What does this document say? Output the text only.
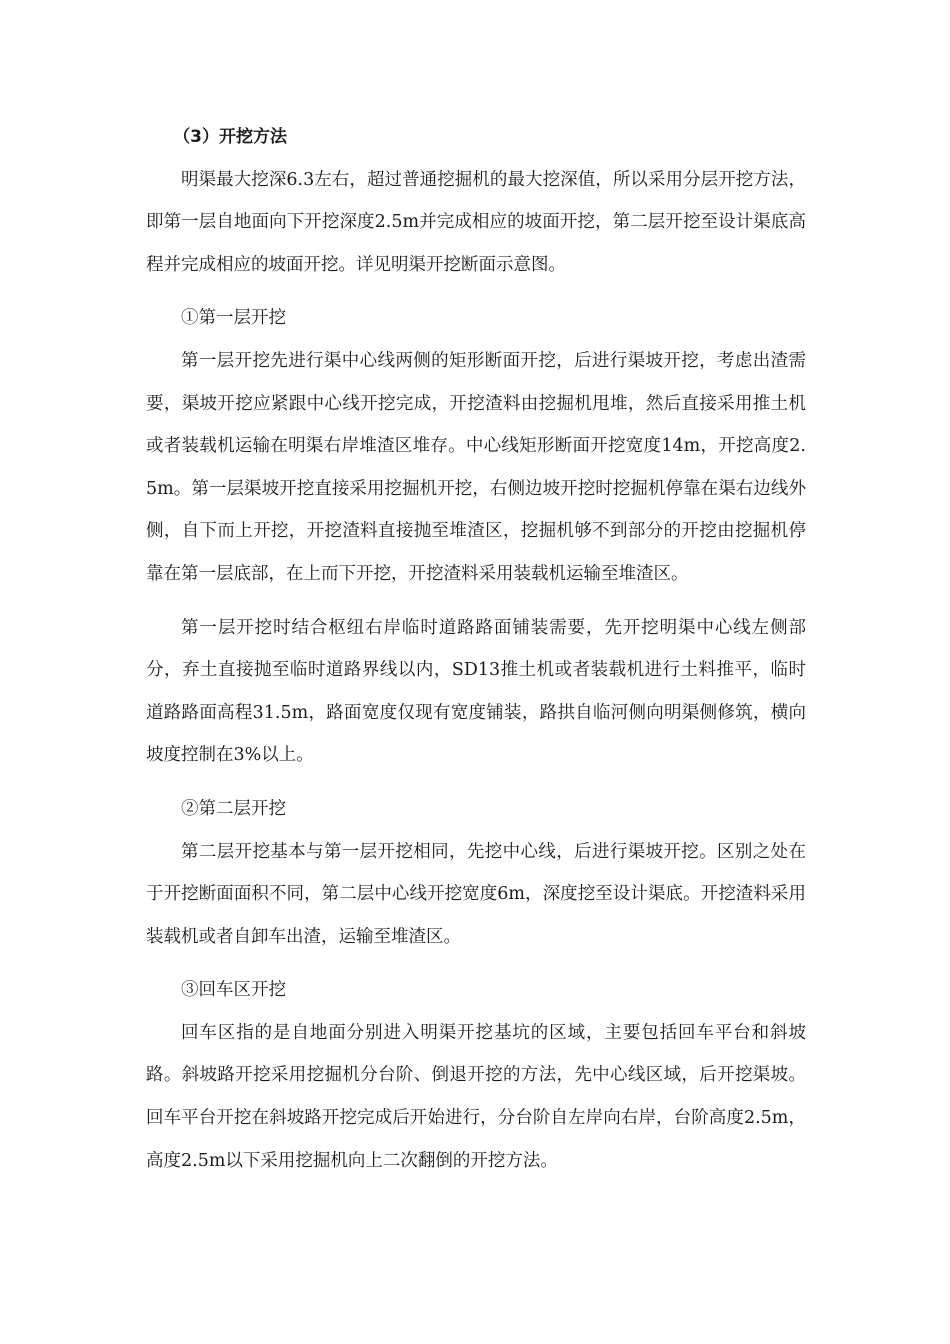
（3）开挖方法

明渠最大挖深6.3左右，超过普通挖掘机的最大挖深值，所以采用分层开挖方法，即第一层自地面向下开挖深度2.5m并完成相应的坡面开挖，第二层开挖至设计渠底高程并完成相应的坡面开挖。详见明渠开挖断面示意图。

①第一层开挖

第一层开挖先进行渠中心线两侧的矩形断面开挖，后进行渠坡开挖，考虑出渣需要，渠坡开挖应紧跟中心线开挖完成，开挖渣料由挖掘机甩堆，然后直接采用推土机或者装载机运输在明渠右岸堆渣区堆存。中心线矩形断面开挖宽度14m，开挖高度2.5m。第一层渠坡开挖直接采用挖掘机开挖，右侧边坡开挖时挖掘机停靠在渠右边线外侧，自下而上开挖，开挖渣料直接抛至堆渣区，挖掘机够不到部分的开挖由挖掘机停靠在第一层底部，在上而下开挖，开挖渣料采用装载机运输至堆渣区。

第一层开挖时结合枢纽右岸临时道路路面铺装需要，先开挖明渠中心线左侧部分，弃土直接抛至临时道路界线以内，SD13推土机或者装载机进行土料推平，临时道路路面高程31.5m，路面宽度仅现有宽度铺装，路拱自临河侧向明渠侧修筑，横向坡度控制在3%以上。

②第二层开挖

第二层开挖基本与第一层开挖相同，先挖中心线，后进行渠坡开挖。区别之处在于开挖断面面积不同，第二层中心线开挖宽度6m，深度挖至设计渠底。开挖渣料采用装载机或者自卸车出渣，运输至堆渣区。

③回车区开挖

回车区指的是自地面分别进入明渠开挖基坑的区域，主要包括回车平台和斜坡路。斜坡路开挖采用挖掘机分台阶、倒退开挖的方法，先中心线区域，后开挖渠坡。回车平台开挖在斜坡路开挖完成后开始进行，分台阶自左岸向右岸，台阶高度2.5m，高度2.5m以下采用挖掘机向上二次翻倒的开挖方法。
